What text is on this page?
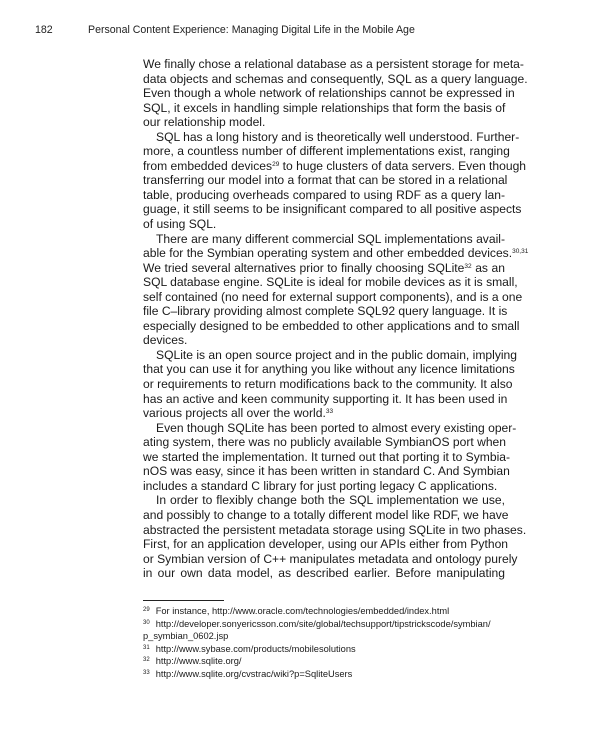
182	Personal Content Experience: Managing Digital Life in the Mobile Age

We finally chose a relational database as a persistent storage for meta-
data objects and schemas and consequently, SQL as a query language.
Even though a whole network of relationships cannot be expressed in
SQL, it excels in handling simple relationships that form the basis of
our relationship model.

SQL has a long history and is theoretically well understood. Further-
more, a countless number of different implementations exist, ranging
from embedded devices$^{29}$ to huge clusters of data servers. Even though
transferring our model into a format that can be stored in a relational
table, producing overheads compared to using RDF as a query lan-
guage, it still seems to be insignificant compared to all positive aspects
of using SQL.

There are many different commercial SQL implementations avail-
able for the Symbian operating system and other embedded devices.$^{30,31}$
We tried several alternatives prior to finally choosing SQLite$^{32}$ as an
SQL database engine. SQLite is ideal for mobile devices as it is small,
self contained (no need for external support components), and is a one
file C–library providing almost complete SQL92 query language. It is
especially designed to be embedded to other applications and to small
devices.

SQLite is an open source project and in the public domain, implying
that you can use it for anything you like without any licence limitations
or requirements to return modifications back to the community. It also
has an active and keen community supporting it. It has been used in
various projects all over the world.$^{33}$

Even though SQLite has been ported to almost every existing oper-
ating system, there was no publicly available SymbianOS port when
we started the implementation. It turned out that porting it to Symbia-
nOS was easy, since it has been written in standard C. And Symbian
includes a standard C library for just porting legacy C applications.

In order to flexibly change both the SQL implementation we use,
and possibly to change to a totally different model like RDF, we have
abstracted the persistent metadata storage using SQLite in two phases.
First, for an application developer, using our APIs either from Python
or Symbian version of C++ manipulates metadata and ontology purely
in our own data model, as described earlier. Before manipulating

$^{29}$ For instance, http://www.oracle.com/technologies/embedded/index.html
$^{30}$ http://developer.sonyericsson.com/site/global/techsupport/tipstrickscode/symbian/
p_symbian_0602.jsp
$^{31}$ http://www.sybase.com/products/mobilesolutions
$^{32}$ http://www.sqlite.org/
$^{33}$ http://www.sqlite.org/cvstrac/wiki?p=SqliteUsers
